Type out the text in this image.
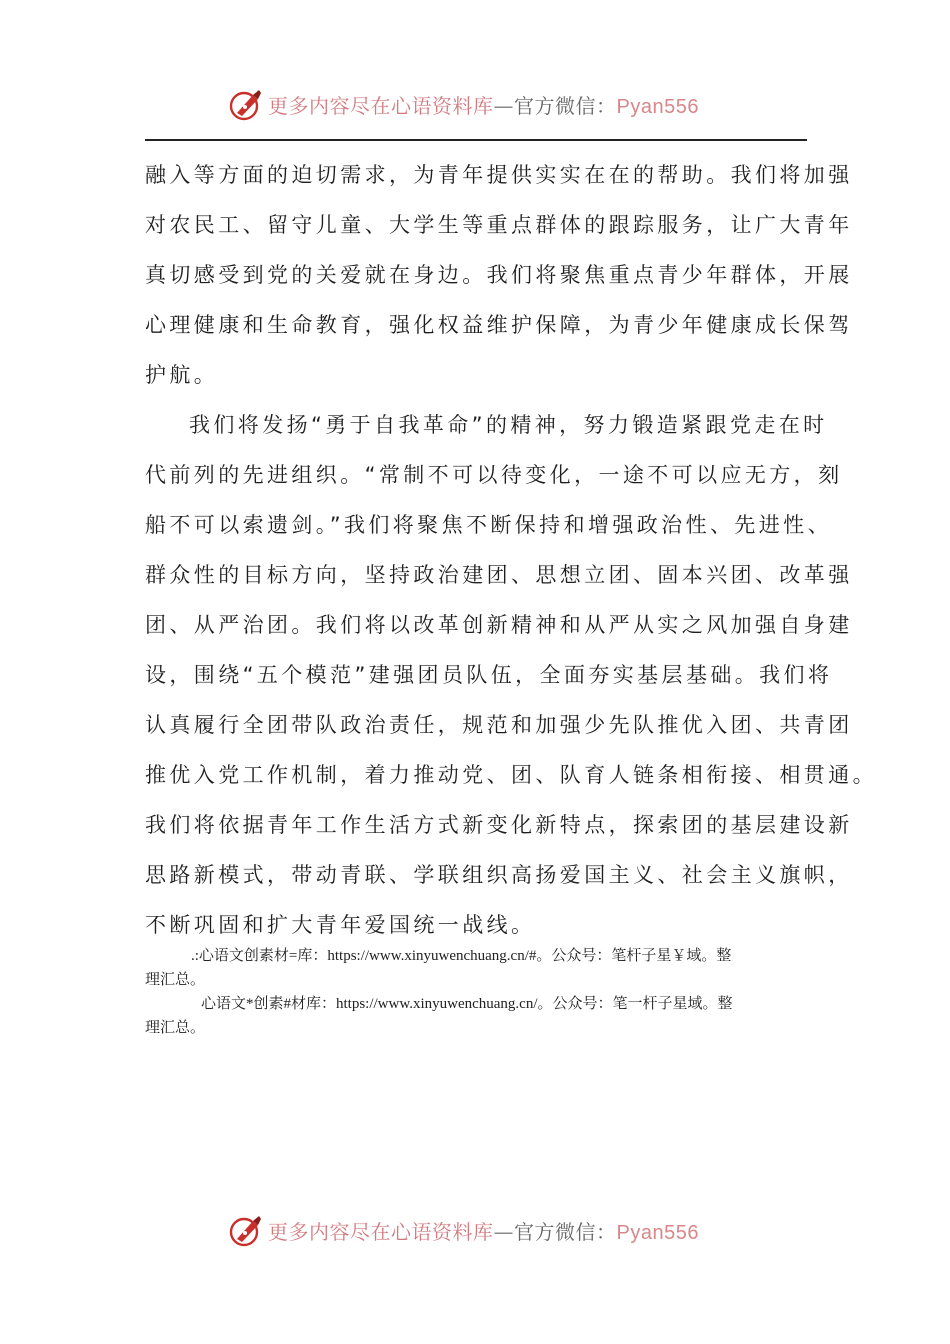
更多内容尽在心语资料库—官方微信：Pyan556
融入等方面的迫切需求，为青年提供实实在在的帮助。我们将加强
对农民工、留守儿童、大学生等重点群体的跟踪服务，让广大青年
真切感受到党的关爱就在身边。我们将聚焦重点青少年群体，开展
心理健康和生命教育，强化权益维护保障，为青少年健康成长保驾
护航。
我们将发扬“勇于自我革命”的精神，努力锻造紧跟党走在时
代前列的先进组织。“常制不可以待变化，一途不可以应无方，刻
船不可以索遗剑。”我们将聚焦不断保持和增强政治性、先进性、
群众性的目标方向，坚持政治建团、思想立团、固本兴团、改革强
团、从严治团。我们将以改革创新精神和从严从实之风加强自身建
设，围绕“五个模范”建强团员队伍，全面夯实基层基础。我们将
认真履行全团带队政治责任，规范和加强少先队推优入团、共青团
推优入党工作机制，着力推动党、团、队育人链条相衔接、相贯通。
我们将依据青年工作生活方式新变化新特点，探索团的基层建设新
思路新模式，带动青联、学联组织高扬爱国主义、社会主义旗帜，
不断巩固和扩大青年爱国统一战线。
.:心语文创素材=库：https://www.xinyuwenchuang.cn/#。公众号：笔杆子星￥域。整
理汇总。
心语文*创素#材库：https://www.xinyuwenchuang.cn/。公众号：笔一杆子星域。整
理汇总。
更多内容尽在心语资料库—官方微信：Pyan556
